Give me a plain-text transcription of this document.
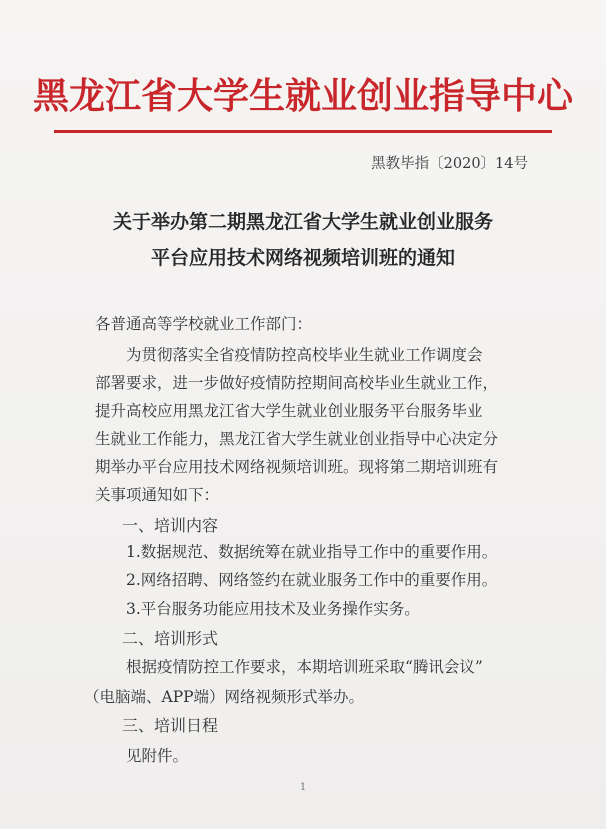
黑龙江省大学生就业创业指导中心
黑教毕指〔2020〕14号
关于举办第二期黑龙江省大学生就业创业服务
平台应用技术网络视频培训班的通知
各普通高等学校就业工作部门：
为贯彻落实全省疫情防控高校毕业生就业工作调度会
部署要求，进一步做好疫情防控期间高校毕业生就业工作，
提升高校应用黑龙江省大学生就业创业服务平台服务毕业
生就业工作能力，黑龙江省大学生就业创业指导中心决定分
期举办平台应用技术网络视频培训班。现将第二期培训班有
关事项通知如下：
一、培训内容
1.数据规范、数据统筹在就业指导工作中的重要作用。
2.网络招聘、网络签约在就业服务工作中的重要作用。
3.平台服务功能应用技术及业务操作实务。
二、培训形式
根据疫情防控工作要求，本期培训班采取“腾讯会议”
（电脑端、APP端）网络视频形式举办。
三、培训日程
见附件。
1
